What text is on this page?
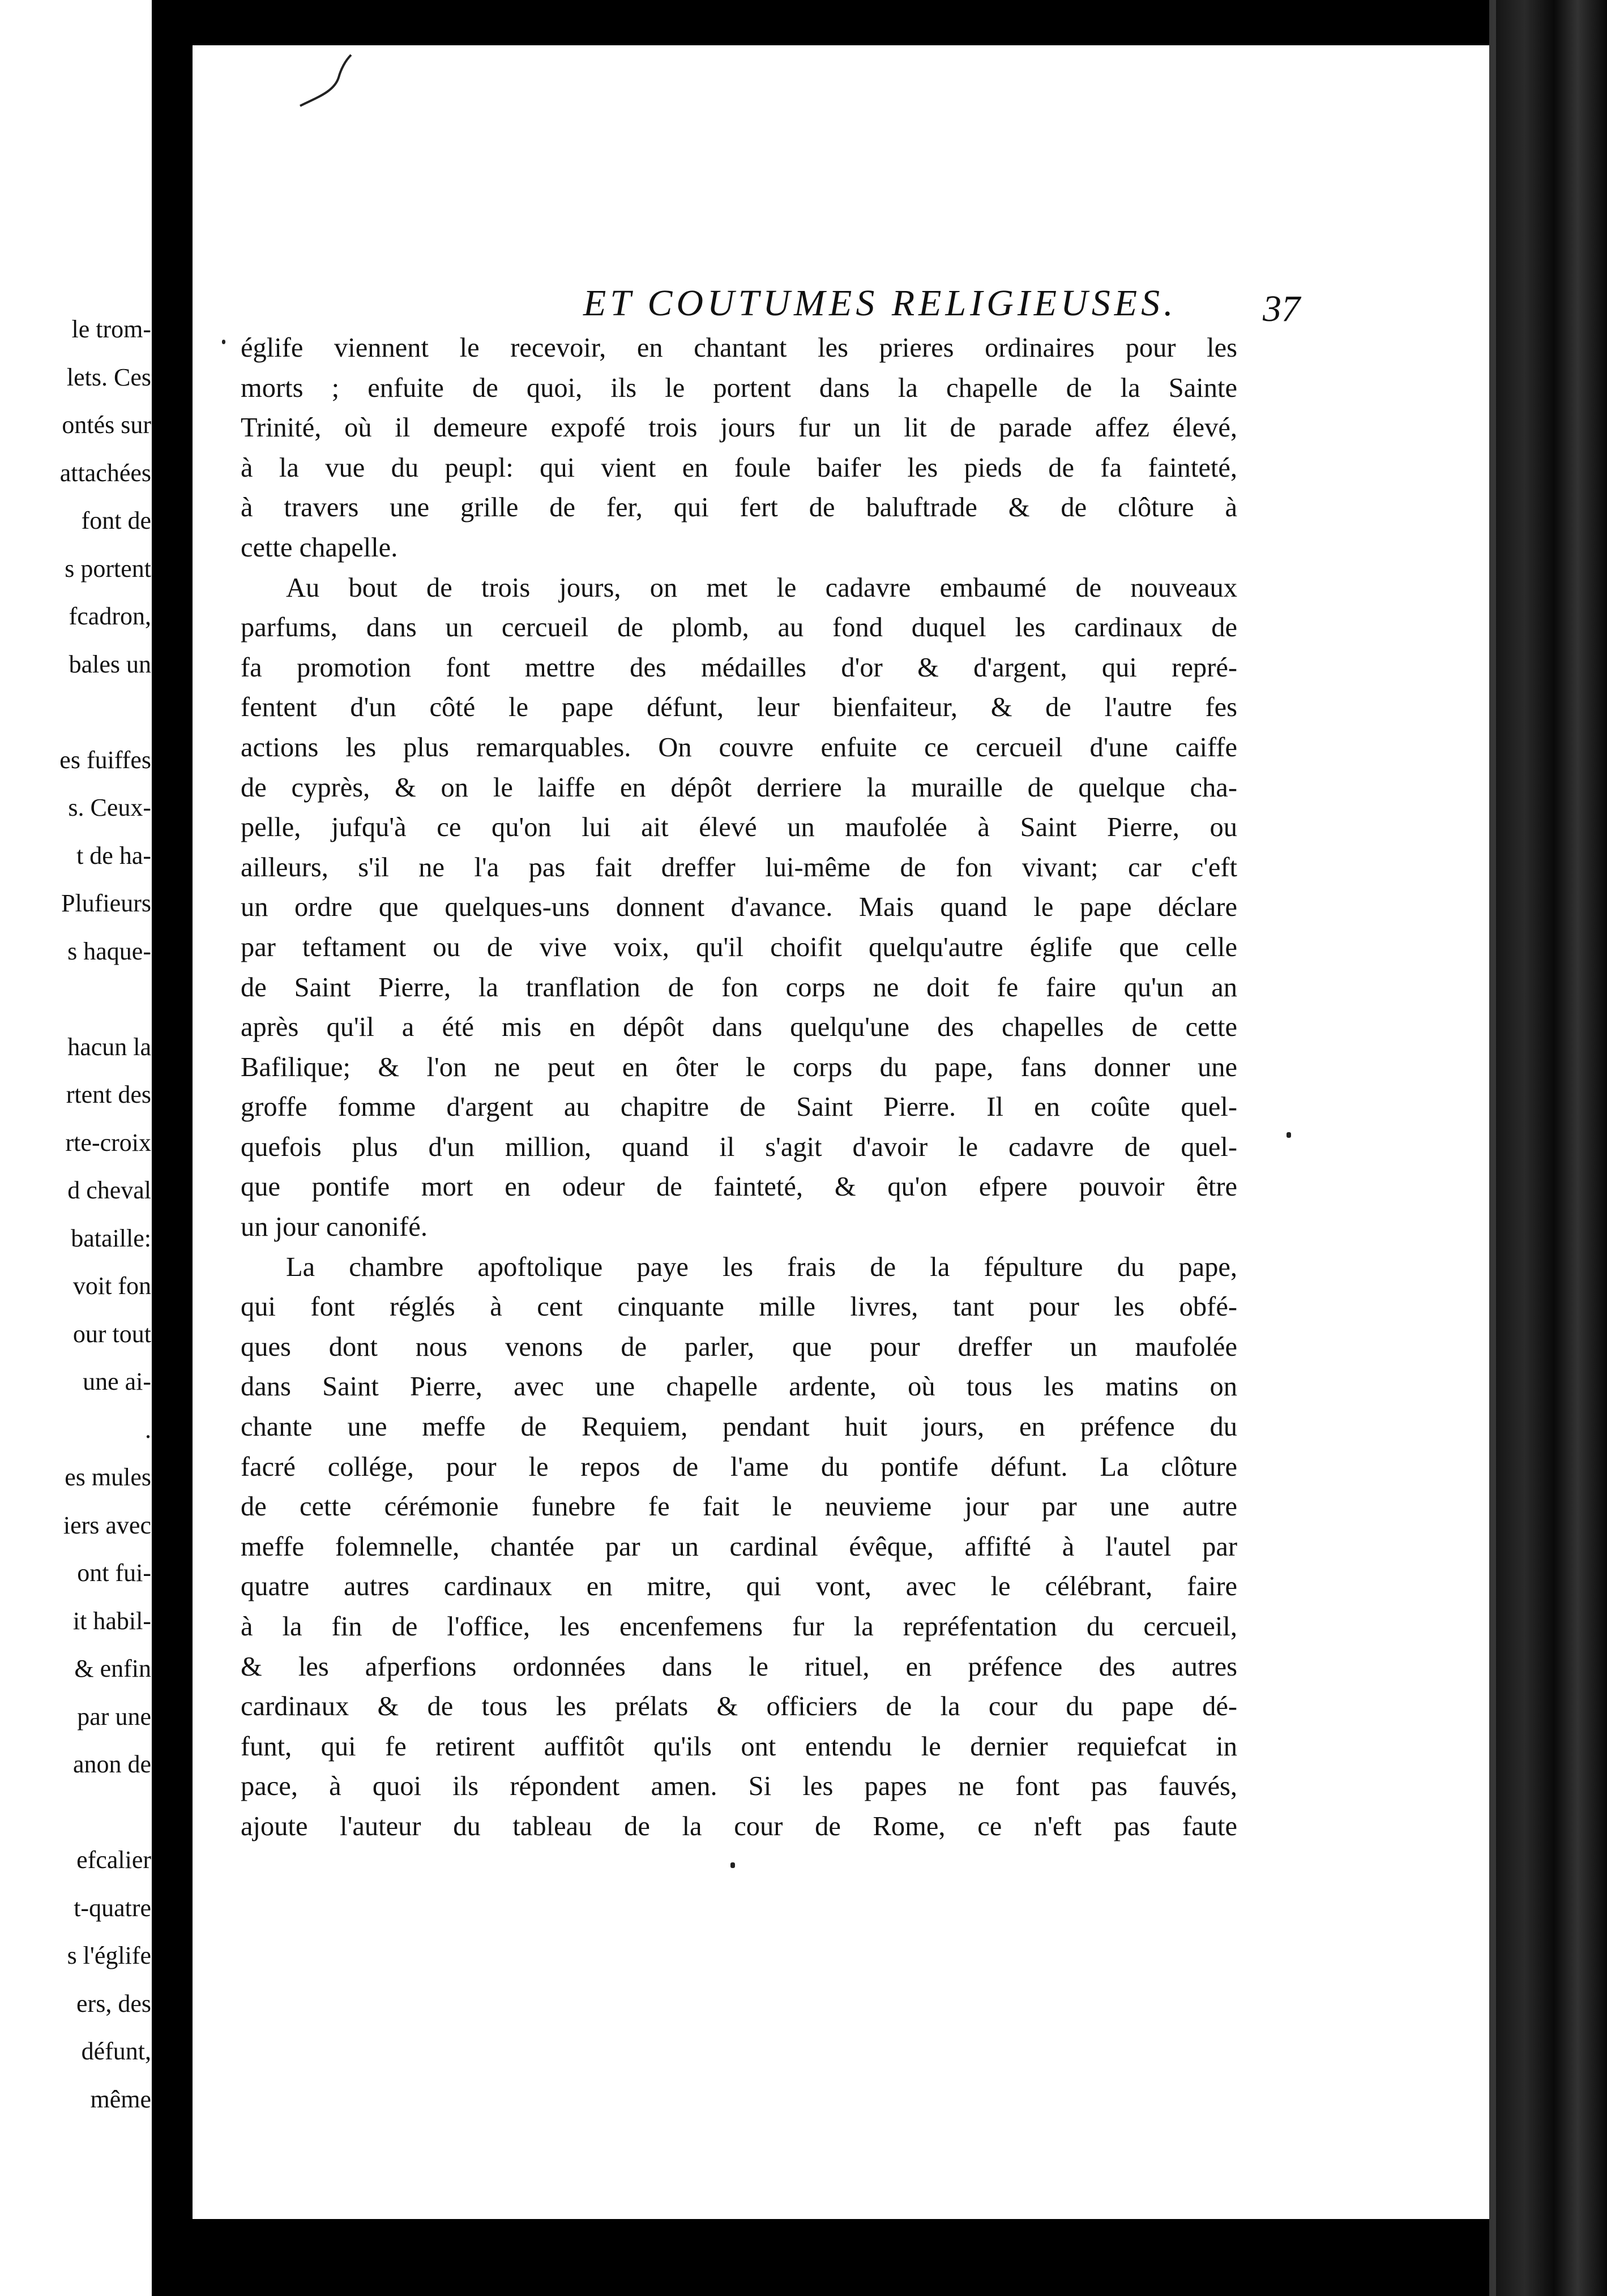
le trom-
lets. Ces
ontés sur
attachées
font de
s portent
fcadron,
bales un
es fuiffes
s. Ceux-
t de ha-
Plufieurs
s haque-
hacun la
rtent des
rte-croix
d cheval
bataille:
voit fon
our tout
une ai-
.
es mules
iers avec
ont fui-
it habil-
& enfin
par une
anon de
efcalier
t-quatre
s l'églife
ers, des
défunt,
même
ET COUTUMES RELIGIEUSES. 37
églife viennent le recevoir, en chantant les prieres ordinaires pour les
morts ; enfuite de quoi, ils le portent dans la chapelle de la Sainte
Trinité, où il demeure expofé trois jours fur un lit de parade affez élevé,
à la vue du peupl: qui vient en foule baifer les pieds de fa fainteté,
à travers une grille de fer, qui fert de baluftrade & de clôture à
cette chapelle.
Au bout de trois jours, on met le cadavre embaumé de nouveaux
parfums, dans un cercueil de plomb, au fond duquel les cardinaux de
fa promotion font mettre des médailles d'or & d'argent, qui repré-
fentent d'un côté le pape défunt, leur bienfaiteur, & de l'autre fes
actions les plus remarquables. On couvre enfuite ce cercueil d'une caiffe
de cyprès, & on le laiffe en dépôt derriere la muraille de quelque cha-
pelle, jufqu'à ce qu'on lui ait élevé un maufolée à Saint Pierre, ou
ailleurs, s'il ne l'a pas fait dreffer lui-même de fon vivant; car c'eft
un ordre que quelques-uns donnent d'avance. Mais quand le pape déclare
par teftament ou de vive voix, qu'il choifit quelqu'autre églife que celle
de Saint Pierre, la tranflation de fon corps ne doit fe faire qu'un an
après qu'il a été mis en dépôt dans quelqu'une des chapelles de cette
Bafilique; & l'on ne peut en ôter le corps du pape, fans donner une
groffe fomme d'argent au chapitre de Saint Pierre. Il en coûte quel-
quefois plus d'un million, quand il s'agit d'avoir le cadavre de quel-
que pontife mort en odeur de fainteté, & qu'on efpere pouvoir être
un jour canonifé.
La chambre apoftolique paye les frais de la fépulture du pape,
qui font réglés à cent cinquante mille livres, tant pour les obfé-
ques dont nous venons de parler, que pour dreffer un maufolée
dans Saint Pierre, avec une chapelle ardente, où tous les matins on
chante une meffe de Requiem, pendant huit jours, en préfence du
facré collége, pour le repos de l'ame du pontife défunt. La clôture
de cette cérémonie funebre fe fait le neuvieme jour par une autre
meffe folemnelle, chantée par un cardinal évêque, affifté à l'autel par
quatre autres cardinaux en mitre, qui vont, avec le célébrant, faire
à la fin de l'office, les encenfemens fur la repréfentation du cercueil,
& les afperfions ordonnées dans le rituel, en préfence des autres
cardinaux & de tous les prélats & officiers de la cour du pape dé-
funt, qui fe retirent auffitôt qu'ils ont entendu le dernier requiefcat in
pace, à quoi ils répondent amen. Si les papes ne font pas fauvés,
ajoute l'auteur du tableau de la cour de Rome, ce n'eft pas faute
